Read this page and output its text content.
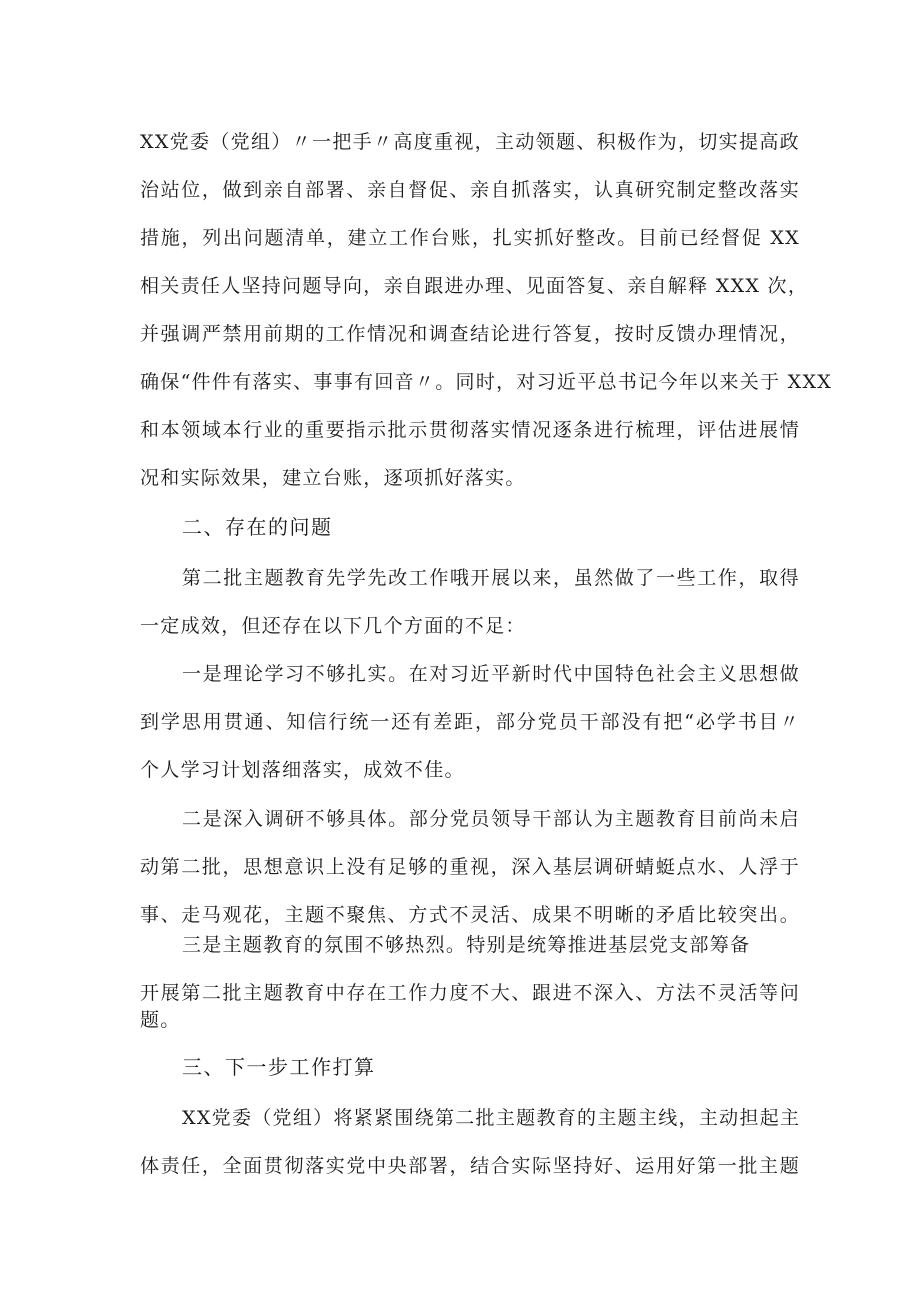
XX党委（党组）〃一把手〃高度重视，主动领题、积极作为，切实提高政
治站位，做到亲自部署、亲自督促、亲自抓落实，认真研究制定整改落实
措施，列出问题清单，建立工作台账，扎实抓好整改。目前已经督促 XX
相关责任人坚持问题导向，亲自跟进办理、见面答复、亲自解释 XXX 次，
并强调严禁用前期的工作情况和调查结论进行答复，按时反馈办理情况，
确保“件件有落实、事事有回音〃。同时，对习近平总书记今年以来关于 XXX
和本领域本行业的重要指示批示贯彻落实情况逐条进行梳理，评估进展情
况和实际效果，建立台账，逐项抓好落实。
二、存在的问题
第二批主题教育先学先改工作哦开展以来，虽然做了一些工作，取得
一定成效，但还存在以下几个方面的不足：
一是理论学习不够扎实。在对习近平新时代中国特色社会主义思想做
到学思用贯通、知信行统一还有差距，部分党员干部没有把“必学书目〃
个人学习计划落细落实，成效不佳。
二是深入调研不够具体。部分党员领导干部认为主题教育目前尚未启
动第二批，思想意识上没有足够的重视，深入基层调研蜻蜓点水、人浮于
事、走马观花，主题不聚焦、方式不灵活、成果不明晰的矛盾比较突出。
三是主题教育的氛围不够热烈。特别是统筹推进基层党支部筹备
开展第二批主题教育中存在工作力度不大、跟进不深入、方法不灵活等问
题。
三、下一步工作打算
XX党委（党组）将紧紧围绕第二批主题教育的主题主线，主动担起主
体责任，全面贯彻落实党中央部署，结合实际坚持好、运用好第一批主题
